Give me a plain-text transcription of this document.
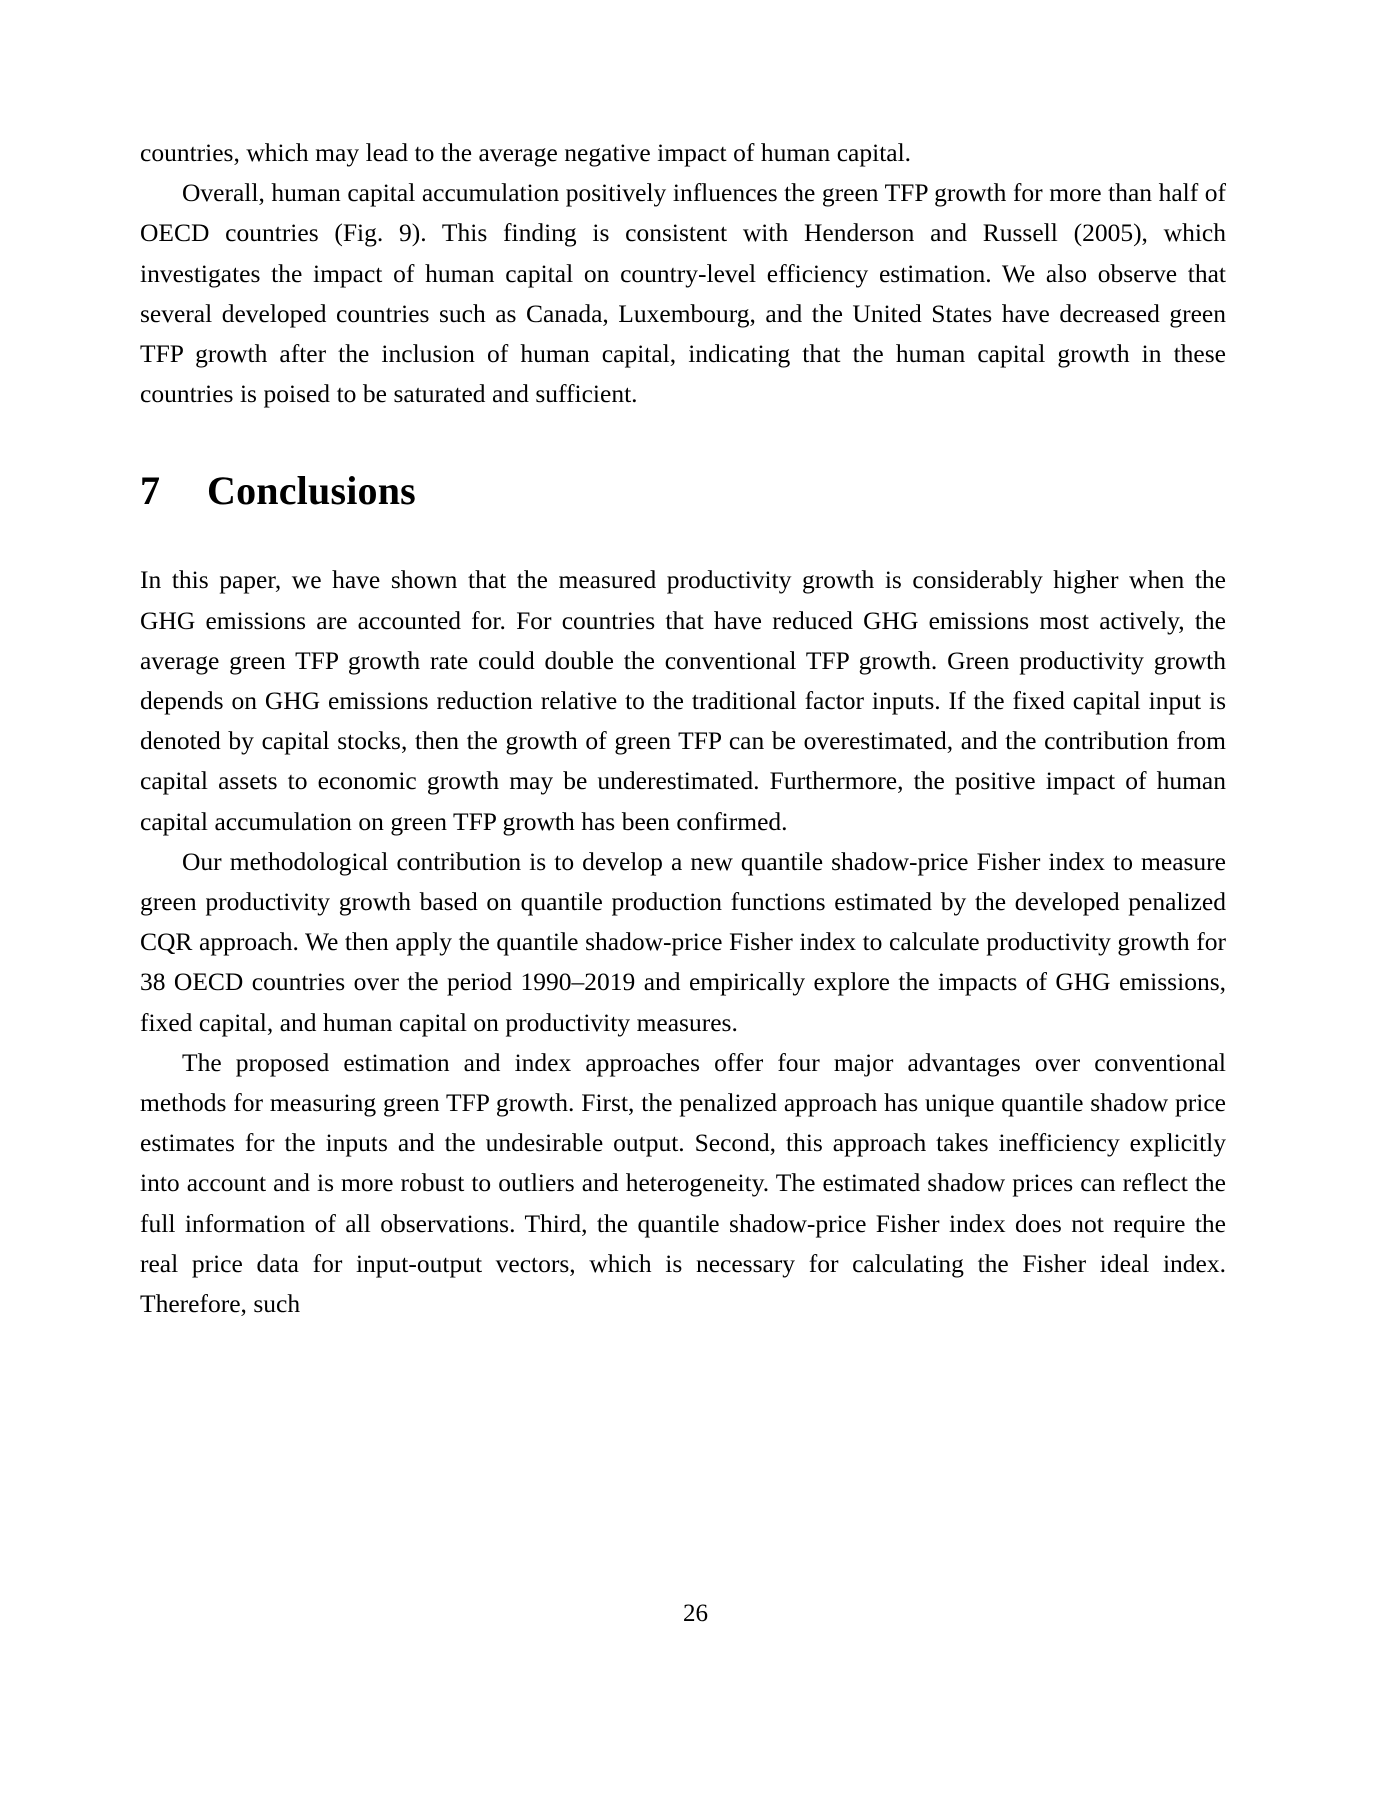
countries, which may lead to the average negative impact of human capital.

Overall, human capital accumulation positively influences the green TFP growth for more than half of OECD countries (Fig. 9). This finding is consistent with Henderson and Russell (2005), which investigates the impact of human capital on country-level efficiency estimation. We also observe that several developed countries such as Canada, Luxembourg, and the United States have decreased green TFP growth after the inclusion of human capital, indicating that the human capital growth in these countries is poised to be saturated and sufficient.

7 Conclusions

In this paper, we have shown that the measured productivity growth is considerably higher when the GHG emissions are accounted for. For countries that have reduced GHG emissions most actively, the average green TFP growth rate could double the conventional TFP growth. Green productivity growth depends on GHG emissions reduction relative to the traditional factor inputs. If the fixed capital input is denoted by capital stocks, then the growth of green TFP can be overestimated, and the contribution from capital assets to economic growth may be underestimated. Furthermore, the positive impact of human capital accumulation on green TFP growth has been confirmed.

Our methodological contribution is to develop a new quantile shadow-price Fisher index to measure green productivity growth based on quantile production functions estimated by the developed penalized CQR approach. We then apply the quantile shadow-price Fisher index to calculate productivity growth for 38 OECD countries over the period 1990–2019 and empirically explore the impacts of GHG emissions, fixed capital, and human capital on productivity measures.

The proposed estimation and index approaches offer four major advantages over conventional methods for measuring green TFP growth. First, the penalized approach has unique quantile shadow price estimates for the inputs and the undesirable output. Second, this approach takes inefficiency explicitly into account and is more robust to outliers and heterogeneity. The estimated shadow prices can reflect the full information of all observations. Third, the quantile shadow-price Fisher index does not require the real price data for input-output vectors, which is necessary for calculating the Fisher ideal index. Therefore, such

26
